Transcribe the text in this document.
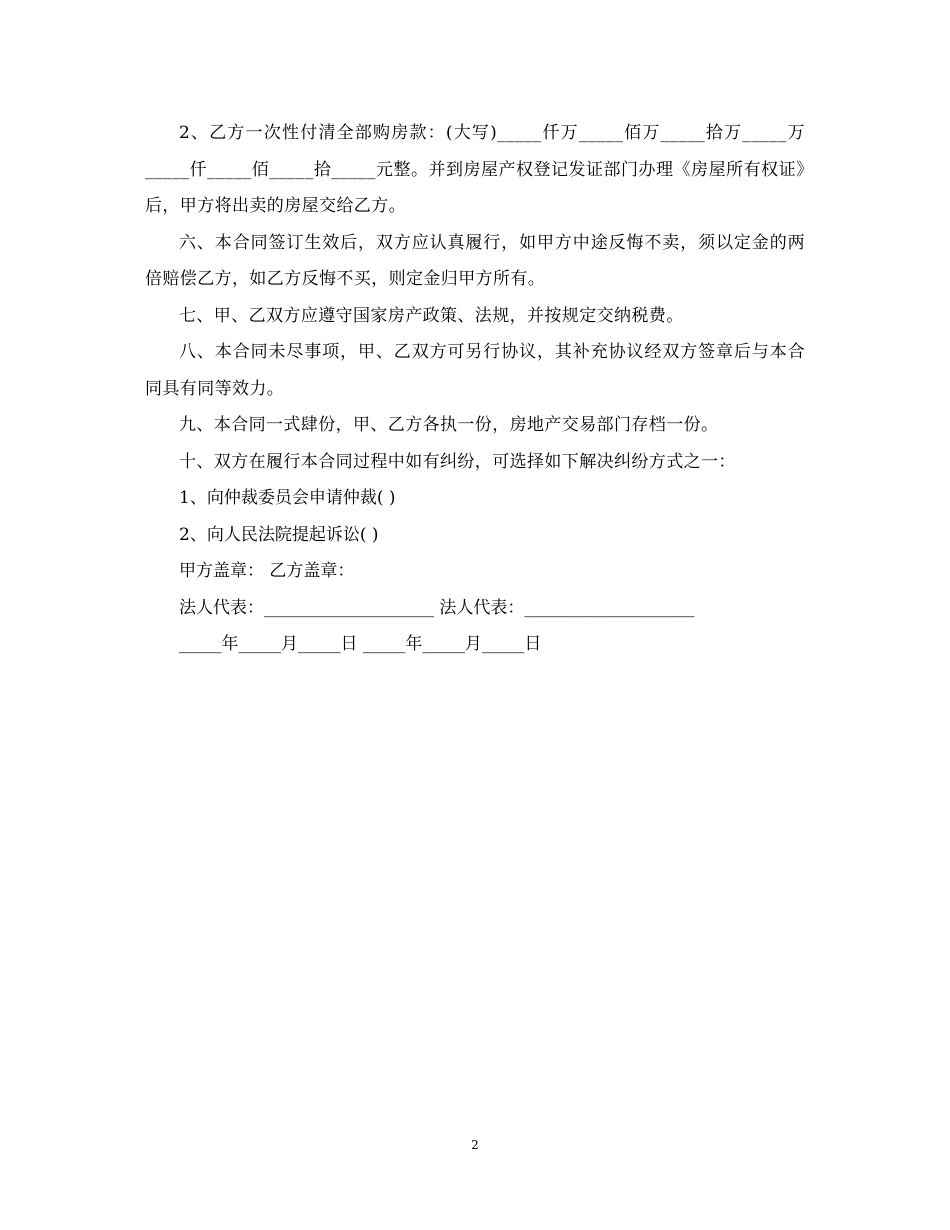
2、乙方一次性付清全部购房款：(大写)_____仟万_____佰万_____拾万_____万_____仟_____佰_____拾_____元整。并到房屋产权登记发证部门办理《房屋所有权证》后，甲方将出卖的房屋交给乙方。

六、本合同签订生效后，双方应认真履行，如甲方中途反悔不卖，须以定金的两倍赔偿乙方，如乙方反悔不买，则定金归甲方所有。

七、甲、乙双方应遵守国家房产政策、法规，并按规定交纳税费。

八、本合同未尽事项，甲、乙双方可另行协议，其补充协议经双方签章后与本合同具有同等效力。

九、本合同一式肆份，甲、乙方各执一份，房地产交易部门存档一份。

十、双方在履行本合同过程中如有纠纷，可选择如下解决纠纷方式之一：

1、向仲裁委员会申请仲裁( )

2、向人民法院提起诉讼( )

甲方盖章： 乙方盖章：

法人代表：____________________ 法人代表：____________________

_____年_____月_____日 _____年_____月_____日

2
